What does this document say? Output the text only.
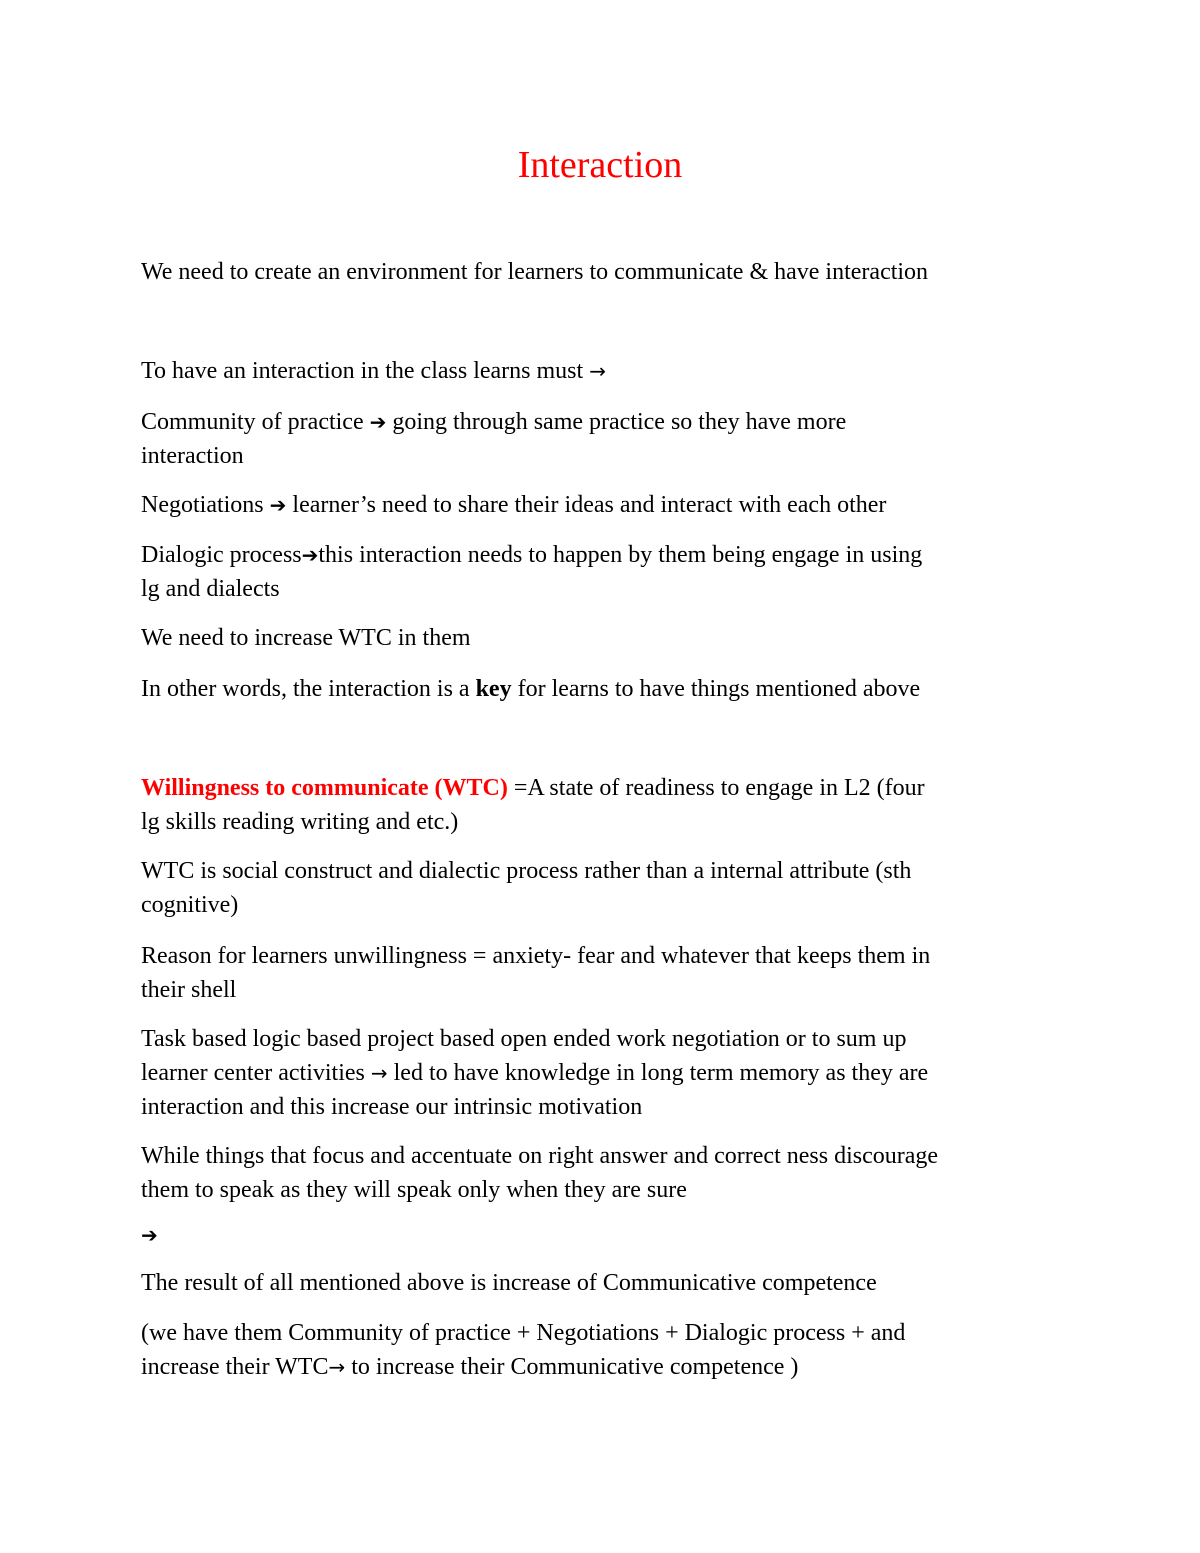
Interaction

We need to create an environment for learners to communicate & have interaction

To have an interaction in the class learns must →

Community of practice ➔ going through same practice so they have more
interaction

Negotiations ➔ learner’s need to share their ideas and interact with each other

Dialogic process➔this interaction needs to happen by them being engage in using
lg and dialects

We need to increase WTC in them

In other words, the interaction is a key for learns to have things mentioned above

Willingness to communicate (WTC) =A state of readiness to engage in L2 (four
lg skills reading writing and etc.)

WTC is social construct and dialectic process rather than a internal attribute (sth
cognitive)

Reason for learners unwillingness = anxiety- fear and whatever that keeps them in
their shell

Task based logic based project based open ended work negotiation or to sum up
learner center activities → led to have knowledge in long term memory as they are
interaction and this increase our intrinsic motivation

While things that focus and accentuate on right answer and correct ness discourage
them to speak as they will speak only when they are sure

➔

The result of all mentioned above is increase of Communicative competence

(we have them Community of practice + Negotiations + Dialogic process + and
increase their WTC→ to increase their Communicative competence )
